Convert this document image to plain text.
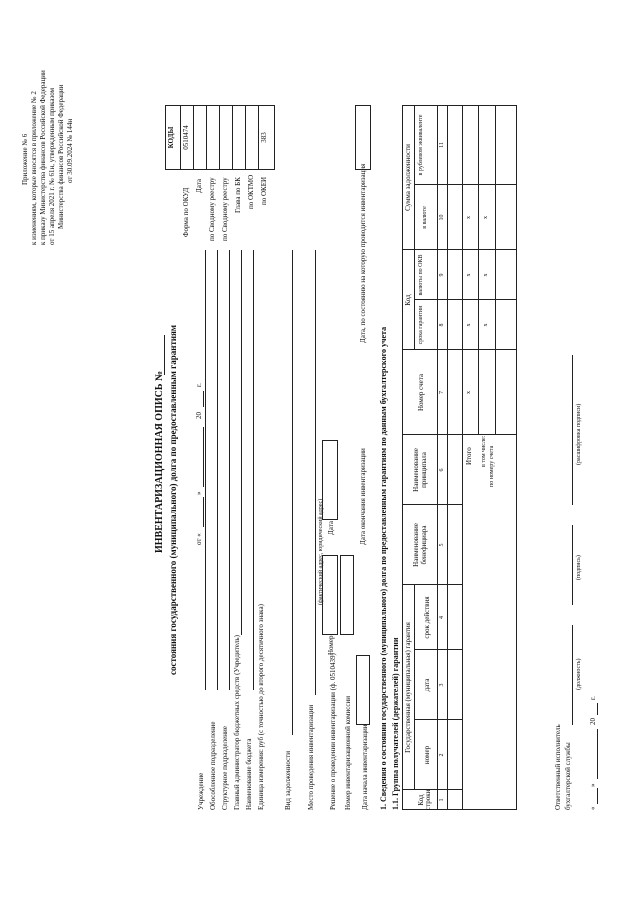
Приложение № 6 к изменениям, которые вносятся в приложение № 2 к приказу Министерства финансов Российской Федерации от 15 апреля 2021 г. № 61н, утвержденным приказом Министерства финансов Российской Федерации от 30.09.2024 № 144н
ИНВЕНТАРИЗАЦИОННАЯ ОПИСЬ № состояния государственного (муниципального) долга по предоставленным гарантиям от «
»
20
г.
КОДЫ
Форма по ОКУД
0510474
Дата по Сводному реестру по Сводному реестру Глава по БК по ОКТМО по ОКЕИ
383
Учреждение Обособленное подразделение Структурное подразделение Главный администратор бюджетных средств (Учредитель) Наименование бюджета Единица измерения: руб (с точностью до второго десятичного знака)	Вид задолженности Место проведения инвентаризации
(фактический адрес, юридический адрес)
Решение о проведении инвентаризации (ф. 0510439)
Номер
Дата
Номер инвентаризационной комиссии Дата начала инвентаризации
Дата окончания инвентаризации
Дата, по состоянию на которую проводится инвентаризация
1. Сведения о состоянии государственного (муниципального) долга по предоставленным гарантиям по данным бухгалтерского учета 1.1. Группа получателей (держателей) гарантии Код строки
Государственная (муниципальная) гарантия
номер
дата
срок действия
Наименование бенефициара
Наименование принципала
Номер счета
Код
срока гарантии
валюты по ОКВ
Сумма задолженности
в валюте
в рублевом эквиваленте
1
2
3
4
5
6
7
8
9
10
11
Итого в том числе: по номеру счета
x
x
x
x
x
x
x
Ответственный исполнитель бухгалтерской службы
(должность)
(подпись)
(расшифровка подписи)
«
»
20
г.
